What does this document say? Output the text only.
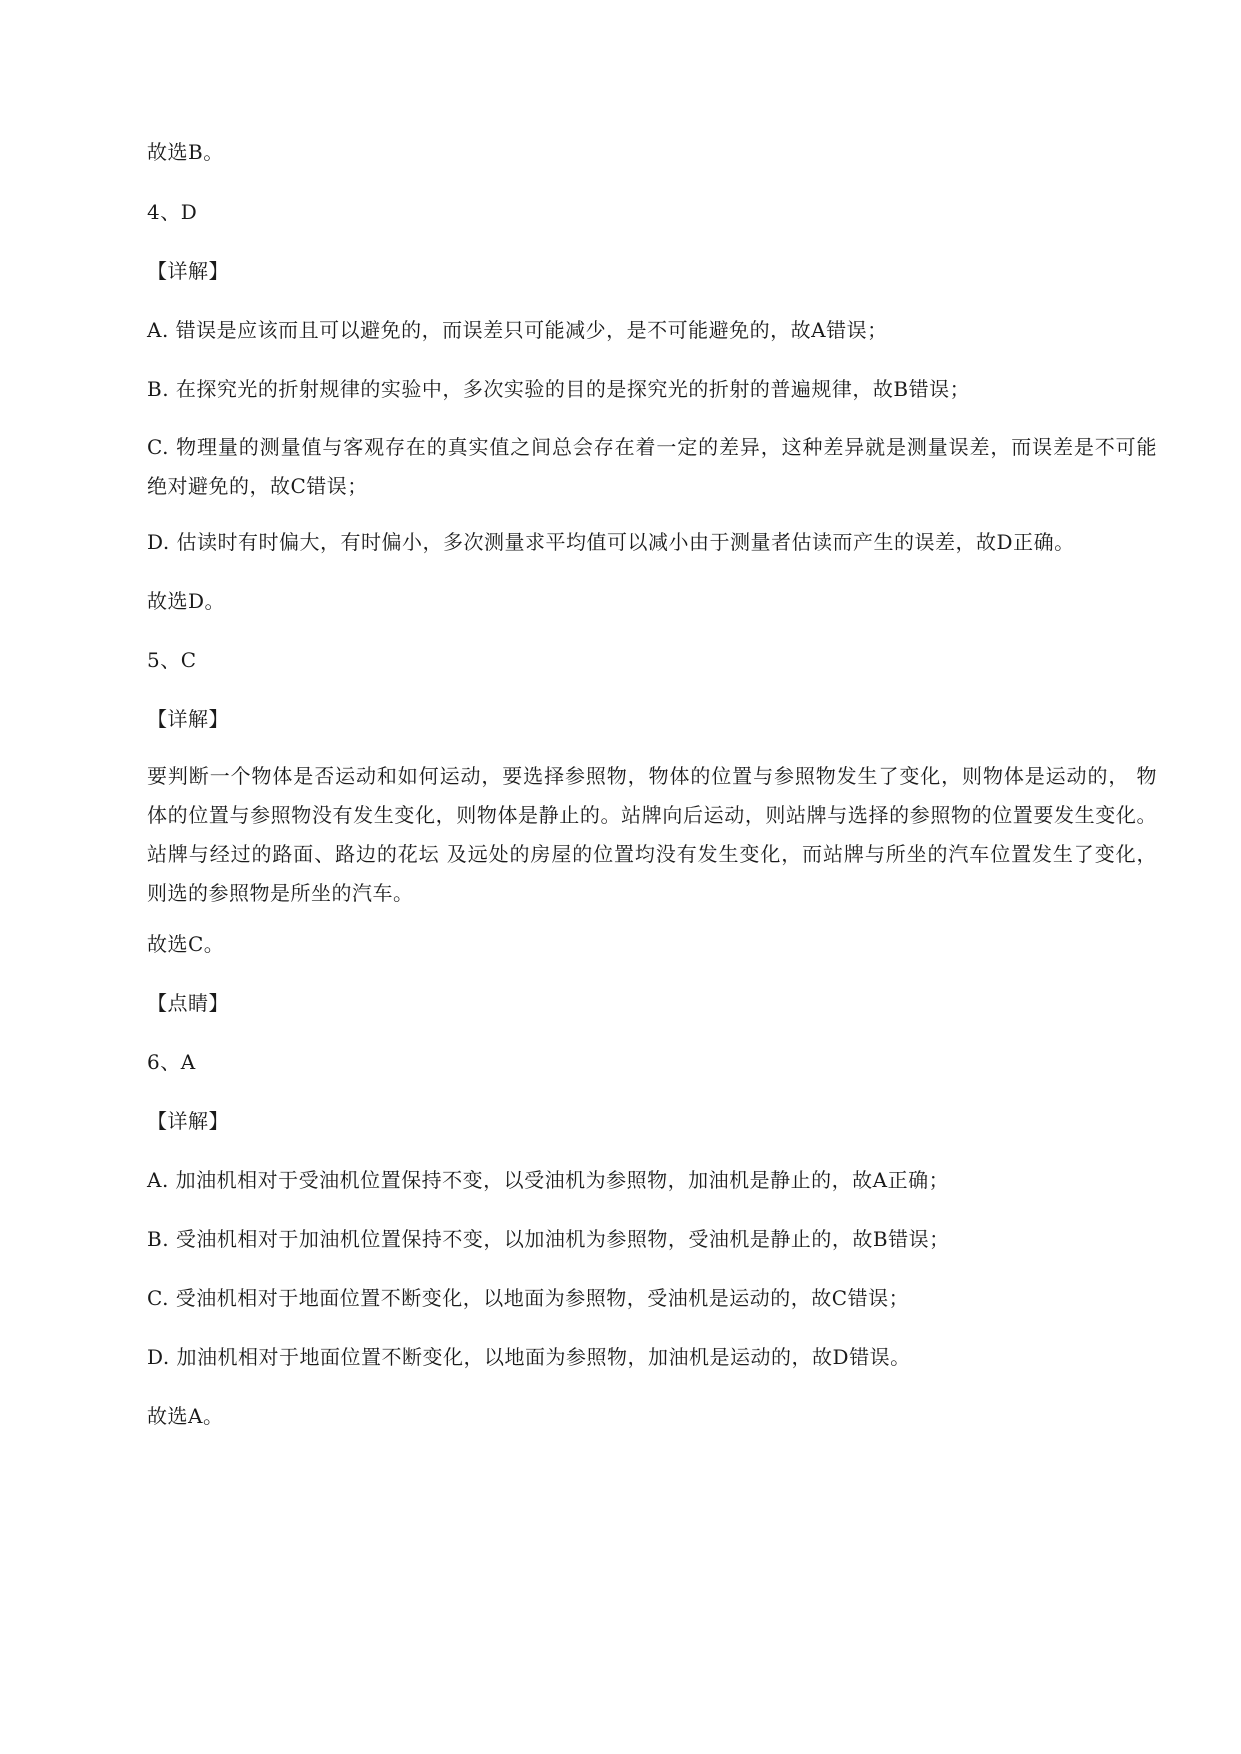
故选B。

4、D

【详解】

A. 错误是应该而且可以避免的，而误差只可能减少，是不可能避免的，故A错误；

B. 在探究光的折射规律的实验中，多次实验的目的是探究光的折射的普遍规律，故B错误；

C. 物理量的测量值与客观存在的真实值之间总会存在着一定的差异，这种差异就是测量误差，而误差是不可能绝对避免的，故C错误；

D. 估读时有时偏大，有时偏小，多次测量求平均值可以减小由于测量者估读而产生的误差，故D正确。

故选D。

5、C

【详解】

要判断一个物体是否运动和如何运动，要选择参照物，物体的位置与参照物发生了变化，则物体是运动的， 物体的位置与参照物没有发生变化，则物体是静止的。站牌向后运动，则站牌与选择的参照物的位置要发生变化。站牌与经过的路面、路边的花坛 及远处的房屋的位置均没有发生变化，而站牌与所坐的汽车位置发生了变化，则选的参照物是所坐的汽车。

故选C。

【点睛】

6、A

【详解】

A. 加油机相对于受油机位置保持不变，以受油机为参照物，加油机是静止的，故A正确；

B. 受油机相对于加油机位置保持不变，以加油机为参照物，受油机是静止的，故B错误；

C. 受油机相对于地面位置不断变化，以地面为参照物，受油机是运动的，故C错误；

D. 加油机相对于地面位置不断变化，以地面为参照物，加油机是运动的，故D错误。

故选A。
